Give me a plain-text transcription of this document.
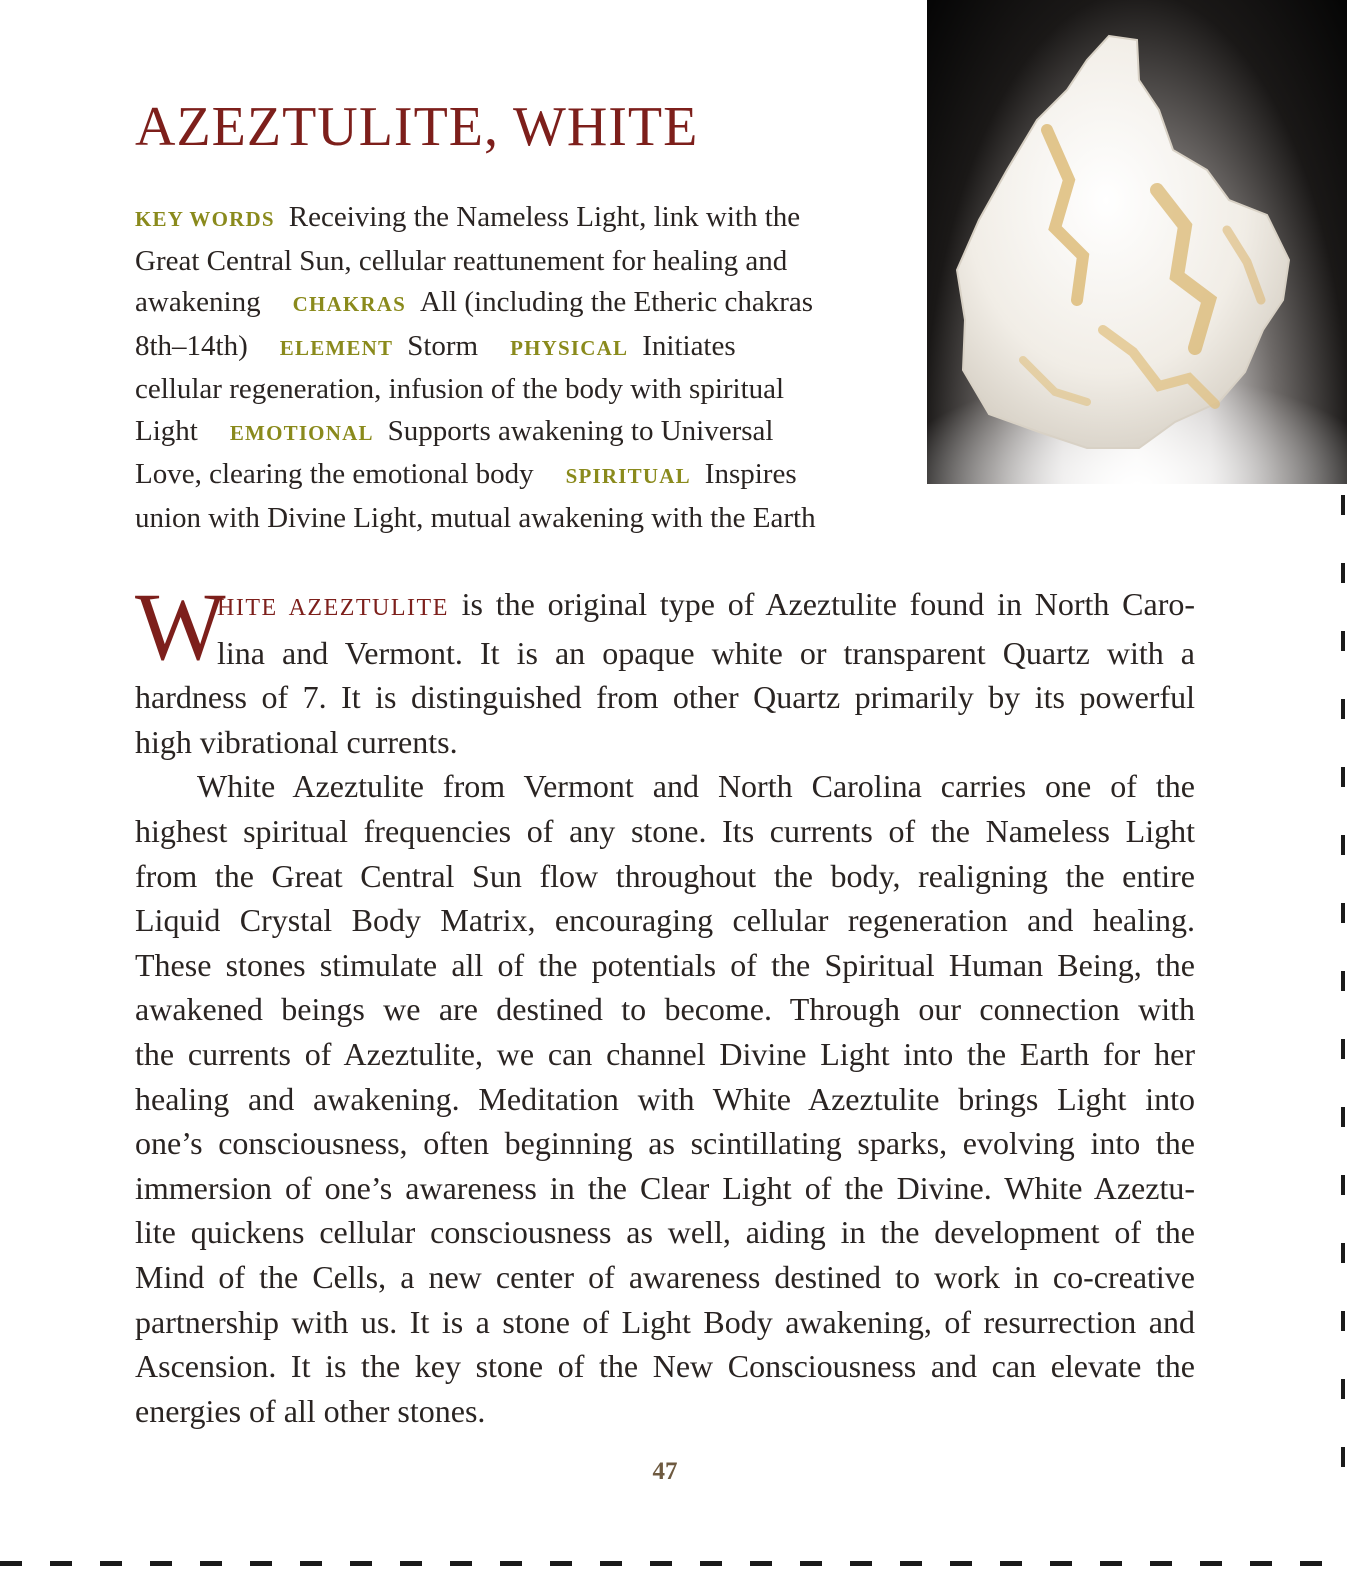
AZEZTULITE, WHITE
KEY WORDS Receiving the Nameless Light, link with the
Great Central Sun, cellular reattunement for healing and
awakening CHAKRAS All (including the Etheric chakras
8th–14th) ELEMENT Storm PHYSICAL Initiates
cellular regeneration, infusion of the body with spiritual
Light EMOTIONAL Supports awakening to Universal
Love, clearing the emotional body SPIRITUAL Inspires
union with Divine Light, mutual awakening with the Earth
W
HITE AZEZTULITE is the original type of Azeztulite found in North Caro-
lina and Vermont. It is an opaque white or transparent Quartz with a
hardness of 7. It is distinguished from other Quartz primarily by its powerful
high vibrational currents.
White Azeztulite from Vermont and North Carolina carries one of the
highest spiritual frequencies of any stone. Its currents of the Nameless Light
from the Great Central Sun flow throughout the body, realigning the entire
Liquid Crystal Body Matrix, encouraging cellular regeneration and healing.
These stones stimulate all of the potentials of the Spiritual Human Being, the
awakened beings we are destined to become. Through our connection with
the currents of Azeztulite, we can channel Divine Light into the Earth for her
healing and awakening. Meditation with White Azeztulite brings Light into
one’s consciousness, often beginning as scintillating sparks, evolving into the
immersion of one’s awareness in the Clear Light of the Divine. White Azeztu-
lite quickens cellular consciousness as well, aiding in the development of the
Mind of the Cells, a new center of awareness destined to work in co-creative
partnership with us. It is a stone of Light Body awakening, of resurrection and
Ascension. It is the key stone of the New Consciousness and can elevate the
energies of all other stones.
47
